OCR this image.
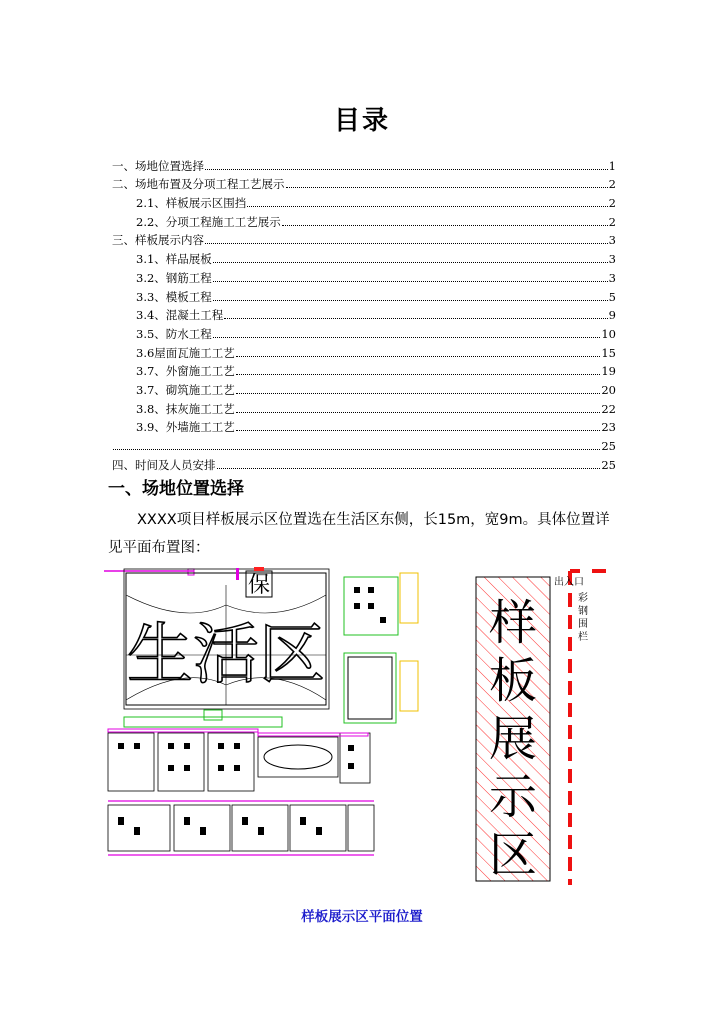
目录
一、场地位置选择	1
二、场地布置及分项工程工艺展示	2
2.1、样板展示区围挡	2
2.2、分项工程施工工艺展示	2
三、样板展示内容	3
3.1、样品展板	3
3.2、钢筋工程	3
3.3、模板工程	5
3.4、混凝土工程	9
3.5、防水工程	10
3.6屋面瓦施工工艺	15
3.7、外窗施工工艺	19
3.7、砌筑施工工艺	20
3.8、抹灰施工工艺	22
3.9、外墙施工工艺	23
25
四、时间及人员安排	25
一、场地位置选择
XXXX项目样板展示区位置选在生活区东侧，长15m，宽9m。具体位置详见平面布置图：
保
生活区	样板展示区
出入口
彩钢围栏
样板展示区平面位置
